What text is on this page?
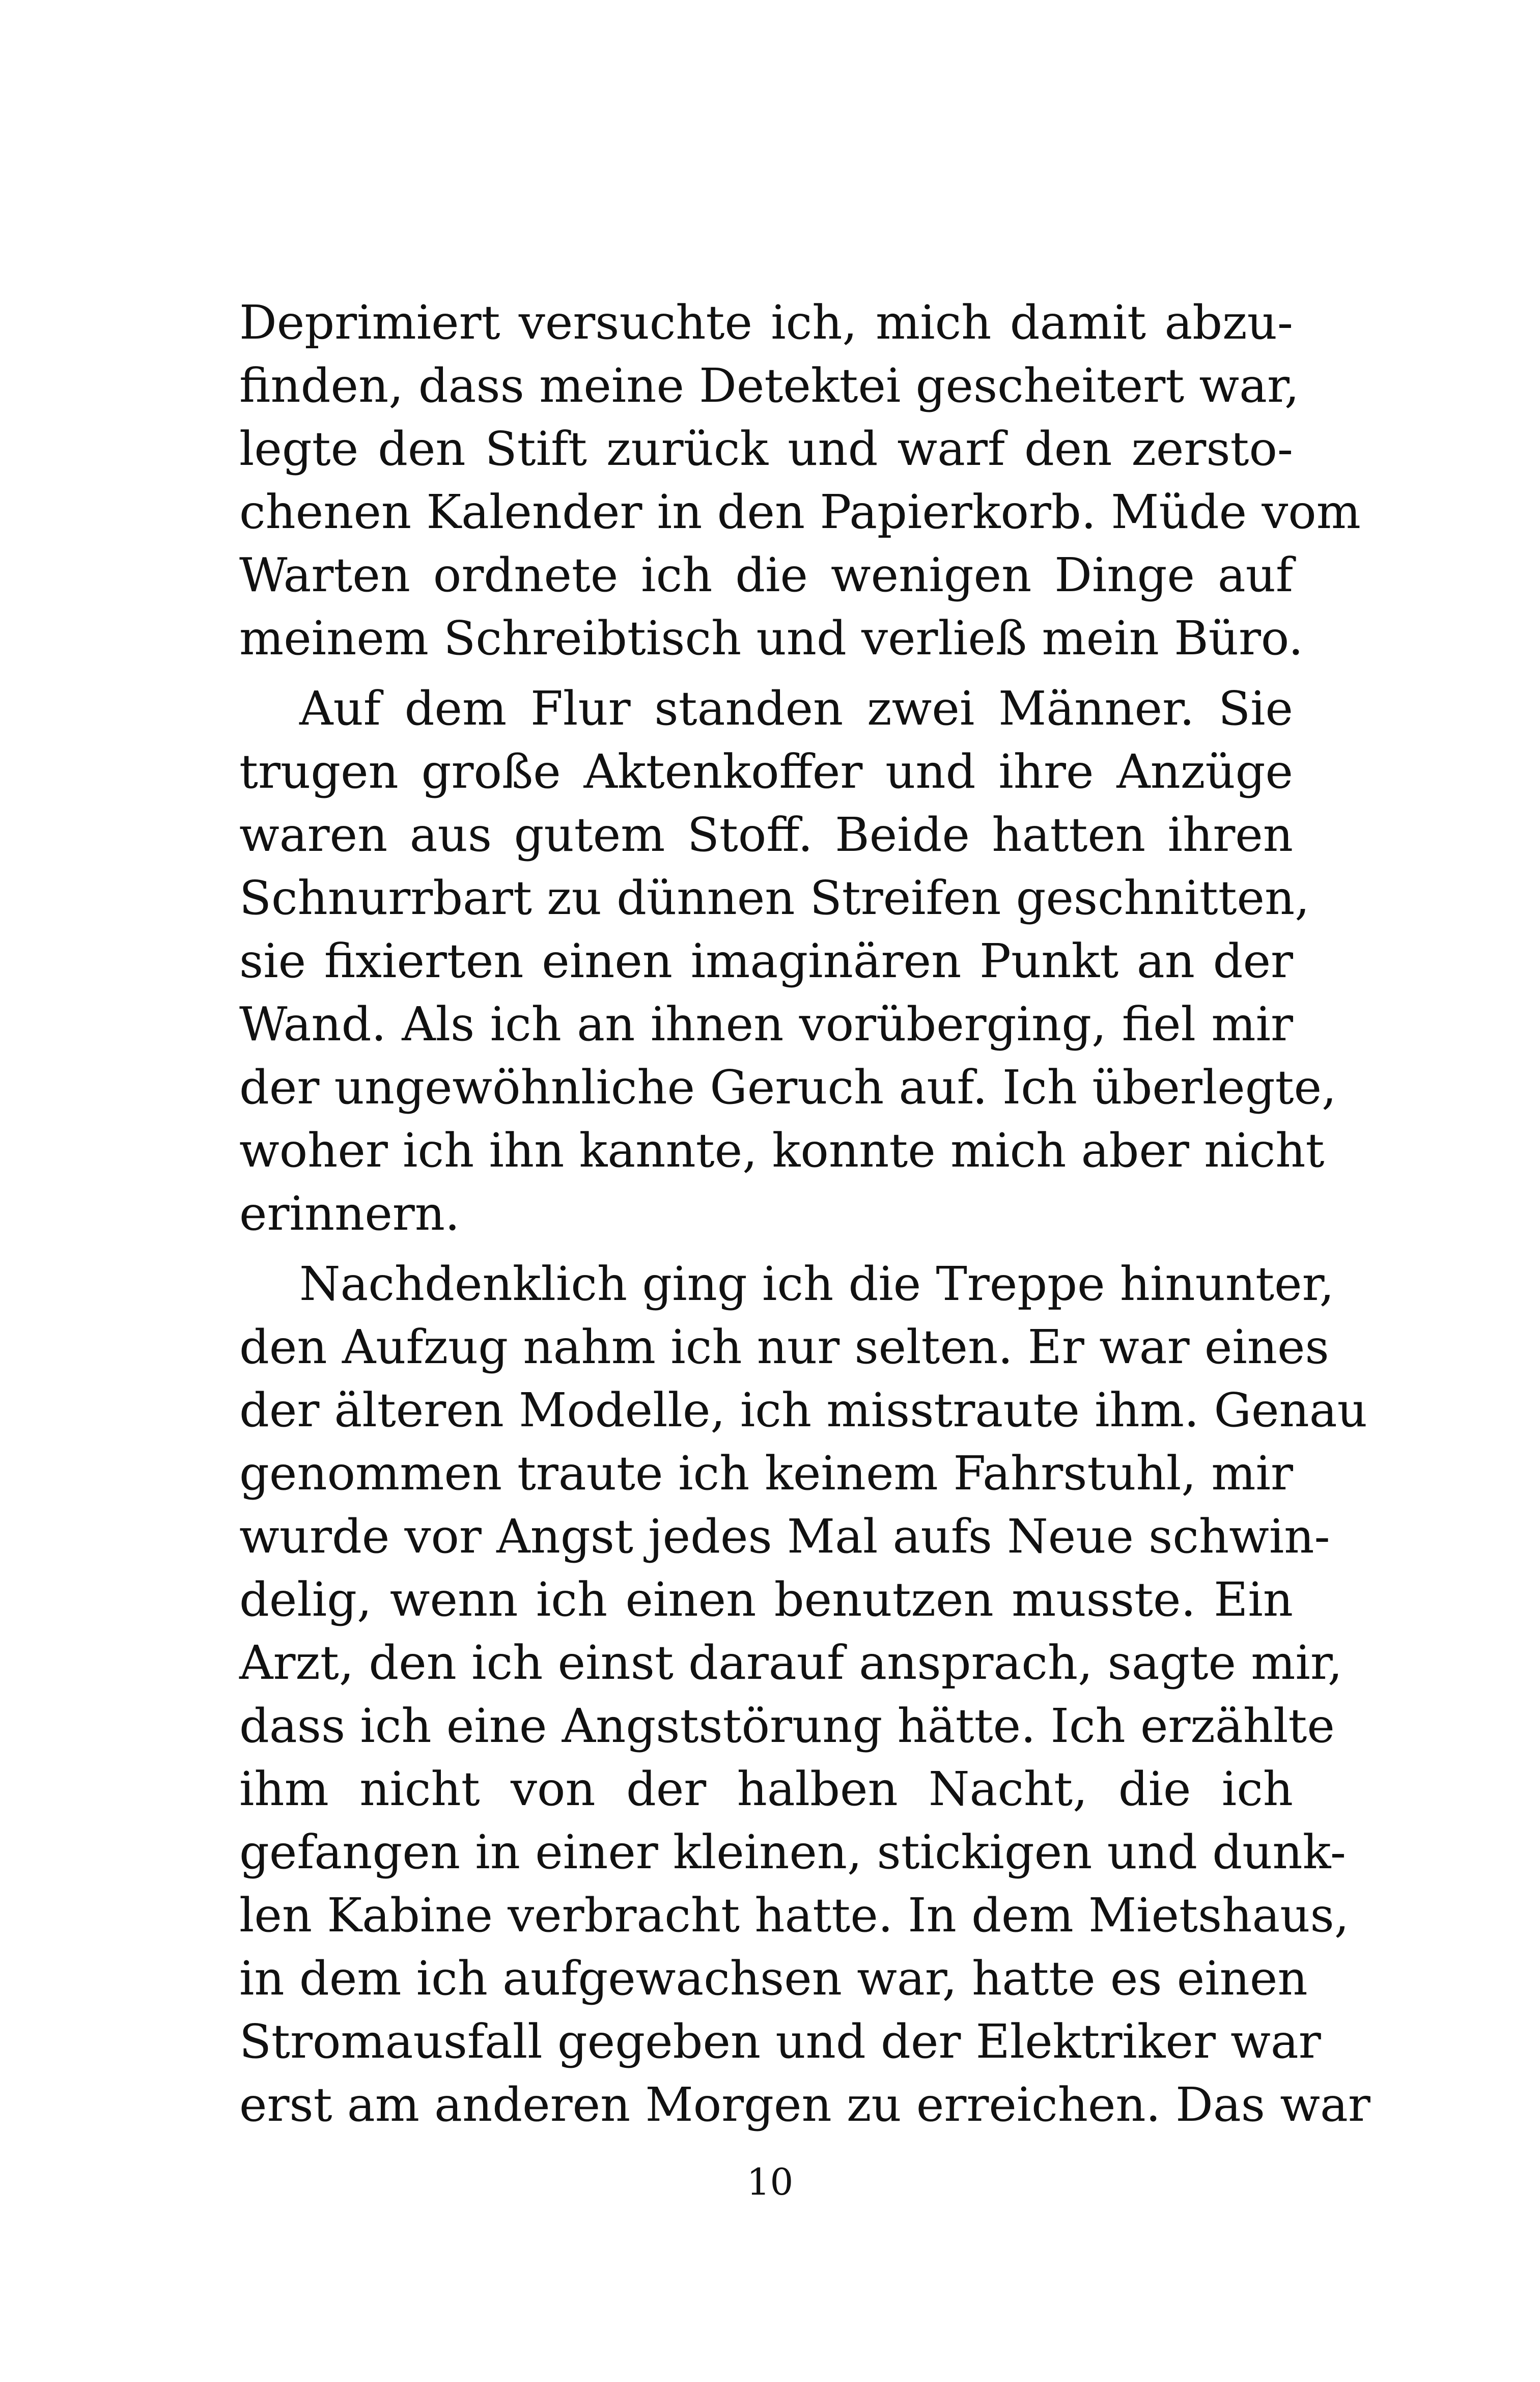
Deprimiert versuchte ich, mich damit abzu-
finden, dass meine Detektei gescheitert war,
legte den Stift zurück und warf den zersto-
chenen Kalender in den Papierkorb. Müde vom
Warten ordnete ich die wenigen Dinge auf
meinem Schreibtisch und verließ mein Büro.
Auf dem Flur standen zwei Männer. Sie
trugen große Aktenkoffer und ihre Anzüge
waren aus gutem Stoff. Beide hatten ihren
Schnurrbart zu dünnen Streifen geschnitten,
sie fixierten einen imaginären Punkt an der
Wand. Als ich an ihnen vorüberging, fiel mir
der ungewöhnliche Geruch auf. Ich überlegte,
woher ich ihn kannte, konnte mich aber nicht
erinnern.
Nachdenklich ging ich die Treppe hinunter,
den Aufzug nahm ich nur selten. Er war eines
der älteren Modelle, ich misstraute ihm. Genau
genommen traute ich keinem Fahrstuhl, mir
wurde vor Angst jedes Mal aufs Neue schwin-
delig, wenn ich einen benutzen musste. Ein
Arzt, den ich einst darauf ansprach, sagte mir,
dass ich eine Angststörung hätte. Ich erzählte
ihm nicht von der halben Nacht, die ich
gefangen in einer kleinen, stickigen und dunk-
len Kabine verbracht hatte. In dem Mietshaus,
in dem ich aufgewachsen war, hatte es einen
Stromausfall gegeben und der Elektriker war
erst am anderen Morgen zu erreichen. Das war
10
